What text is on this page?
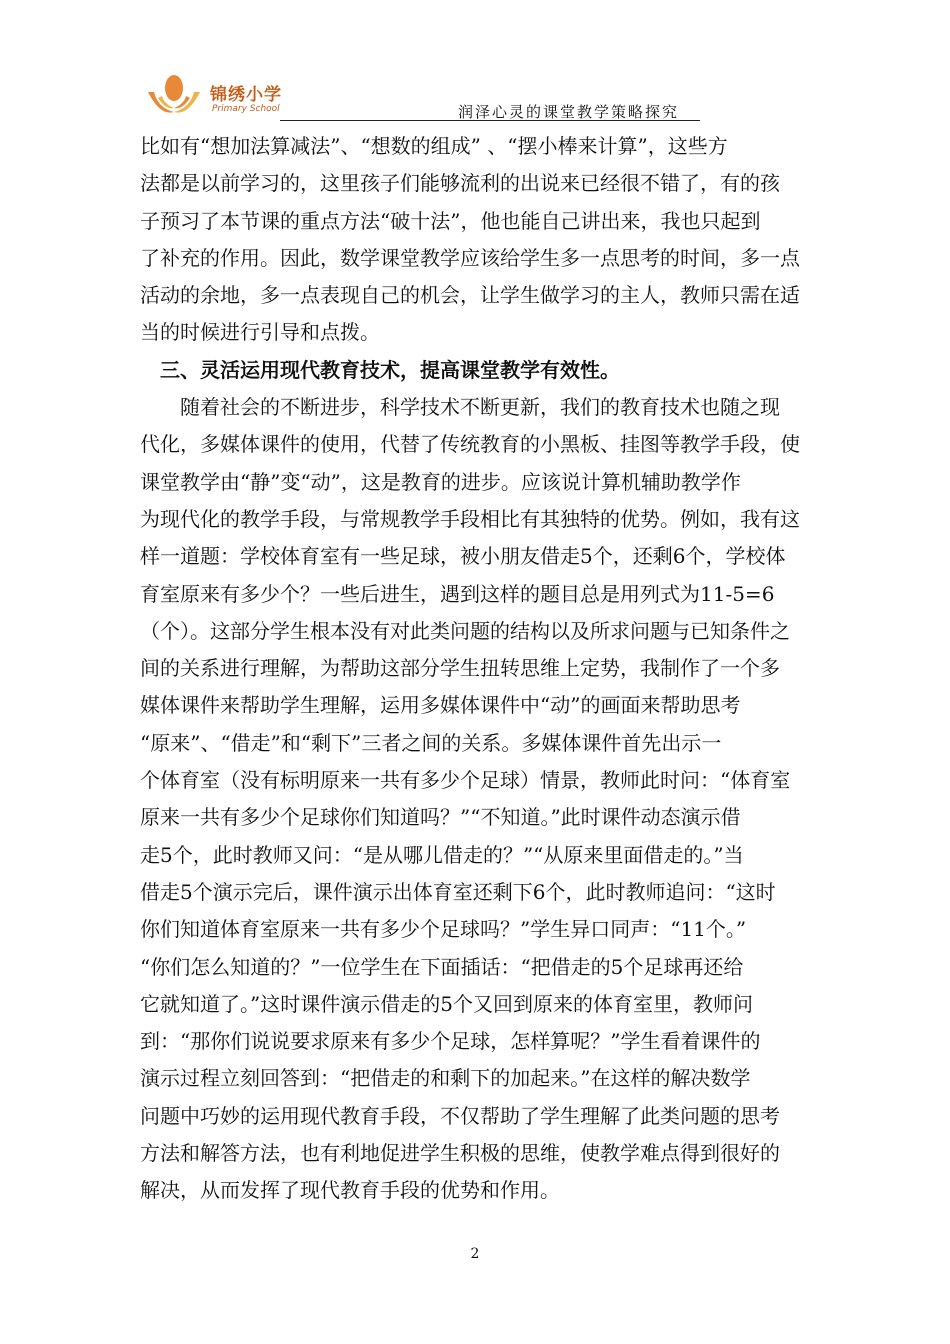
锦绣小学
Primary School	润泽心灵的课堂教学策略探究
比如有“想加法算减法”、“想数的组成” 、“摆小棒来计算”，这些方
法都是以前学习的，这里孩子们能够流利的出说来已经很不错了，有的孩
子预习了本节课的重点方法“破十法”，他也能自己讲出来，我也只起到
了补充的作用。因此，数学课堂教学应该给学生多一点思考的时间，多一点
活动的余地，多一点表现自己的机会，让学生做学习的主人，教师只需在适
当的时候进行引导和点拨。
　三、灵活运用现代教育技术，提高课堂教学有效性。
　　随着社会的不断进步，科学技术不断更新，我们的教育技术也随之现
代化，多媒体课件的使用，代替了传统教育的小黑板、挂图等教学手段，使
课堂教学由“静”变“动”，这是教育的进步。应该说计算机辅助教学作
为现代化的教学手段，与常规教学手段相比有其独特的优势。例如，我有这
样一道题：学校体育室有一些足球，被小朋友借走5个，还剩6个，学校体
育室原来有多少个？一些后进生，遇到这样的题目总是用列式为11-5=6
（个）。这部分学生根本没有对此类问题的结构以及所求问题与已知条件之
间的关系进行理解，为帮助这部分学生扭转思维上定势，我制作了一个多
媒体课件来帮助学生理解，运用多媒体课件中“动”的画面来帮助思考
“原来”、“借走”和“剩下”三者之间的关系。多媒体课件首先出示一
个体育室（没有标明原来一共有多少个足球）情景，教师此时问：“体育室
原来一共有多少个足球你们知道吗？”“不知道。”此时课件动态演示借
走5个，此时教师又问：“是从哪儿借走的？”“从原来里面借走的。”当
借走5个演示完后，课件演示出体育室还剩下6个，此时教师追问：“这时
你们知道体育室原来一共有多少个足球吗？”学生异口同声：“11个。”
“你们怎么知道的？”一位学生在下面插话：“把借走的5个足球再还给
它就知道了。”这时课件演示借走的5个又回到原来的体育室里，教师问
到：“那你们说说要求原来有多少个足球，怎样算呢？”学生看着课件的
演示过程立刻回答到：“把借走的和剩下的加起来。”在这样的解决数学
问题中巧妙的运用现代教育手段，不仅帮助了学生理解了此类问题的思考
方法和解答方法，也有利地促进学生积极的思维，使教学难点得到很好的
解决，从而发挥了现代教育手段的优势和作用。
2
